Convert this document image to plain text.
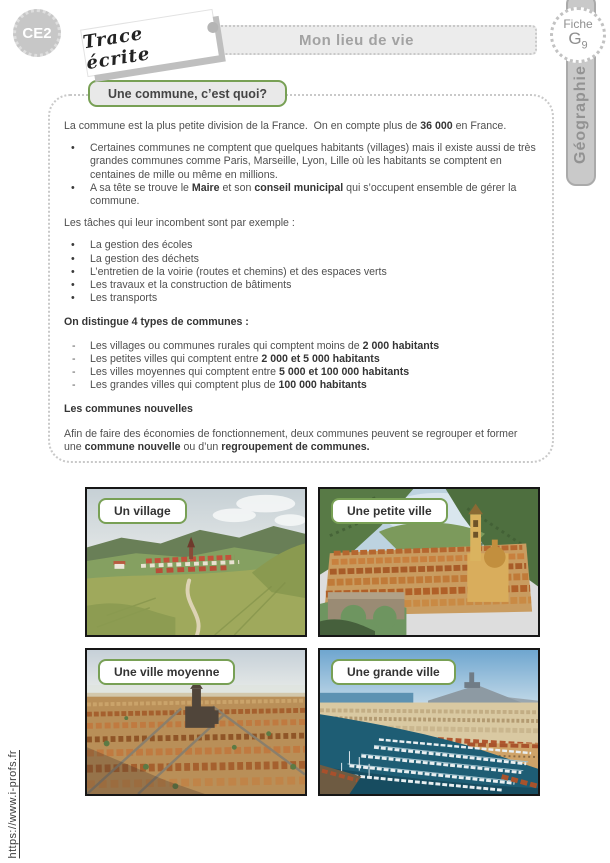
CE2	Mon lieu de vie
Trace écrite
Géographie
Fiche
$G_9$
Une commune, c’est quoi?

La commune est la plus petite division de la France.  On en compte plus de 36 000 en France.

• Certaines communes ne comptent que quelques habitants (villages) mais il existe aussi de très grandes communes comme Paris, Marseille, Lyon, Lille où les habitants se comptent en centaines de mille ou même en millions.
• A sa tête se trouve le Maire et son conseil municipal qui s’occupent ensemble de gérer la commune.

Les tâches qui leur incombent sont par exemple :

• La gestion des écoles
• La gestion des déchets
• L’entretien de la voirie (routes et chemins) et des espaces verts
• Les travaux et la construction de bâtiments
• Les transports

On distingue 4 types de communes :

- Les villages ou communes rurales qui comptent moins de 2 000 habitants
- Les petites villes qui comptent entre 2 000 et 5 000 habitants
- Les villes moyennes qui comptent entre 5 000 et 100 000 habitants
- Les grandes villes qui comptent plus de 100 000 habitants

Les communes nouvelles

Afin de faire des économies de fonctionnement, deux communes peuvent se regrouper et former une commune nouvelle ou d’un regroupement de communes.

Un village	Une petite ville
Une ville moyenne	Une grande ville
https://www.i-profs.fr
